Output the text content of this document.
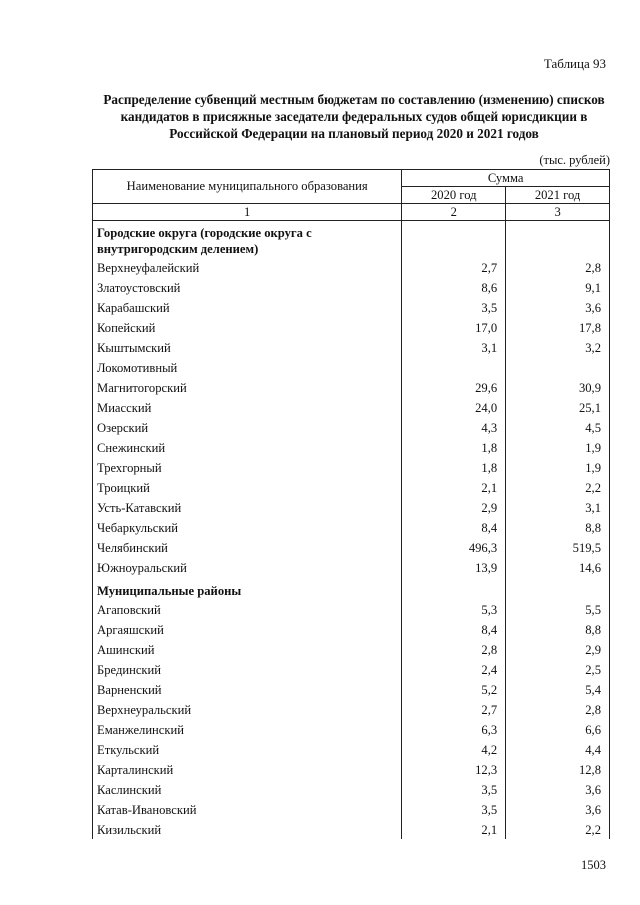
Таблица 93
Распределение субвенций местным бюджетам по составлению (изменению) списков кандидатов в присяжные заседатели федеральных судов общей юрисдикции в Российской Федерации на плановый период 2020 и 2021 годов
(тыс. рублей)
Наименование муниципального образования	Сумма	
	2020 год	2021 год
1	2	3
Городские округа (городские округа с внутригородским делением)		
Верхнеуфалейский	2,7	2,8
Златоустовский	8,6	9,1
Карабашский	3,5	3,6
Копейский	17,0	17,8
Кыштымский	3,1	3,2
Локомотивный		
Магнитогорский	29,6	30,9
Миасский	24,0	25,1
Озерский	4,3	4,5
Снежинский	1,8	1,9
Трехгорный	1,8	1,9
Троицкий	2,1	2,2
Усть-Катавский	2,9	3,1
Чебаркульский	8,4	8,8
Челябинский	496,3	519,5
Южноуральский	13,9	14,6
Муниципальные районы		
Агаповский	5,3	5,5
Аргаяшский	8,4	8,8
Ашинский	2,8	2,9
Брединский	2,4	2,5
Варненский	5,2	5,4
Верхнеуральский	2,7	2,8
Еманжелинский	6,3	6,6
Еткульский	4,2	4,4
Карталинский	12,3	12,8
Каслинский	3,5	3,6
Катав-Ивановский	3,5	3,6
Кизильский	2,1	2,2
1503
